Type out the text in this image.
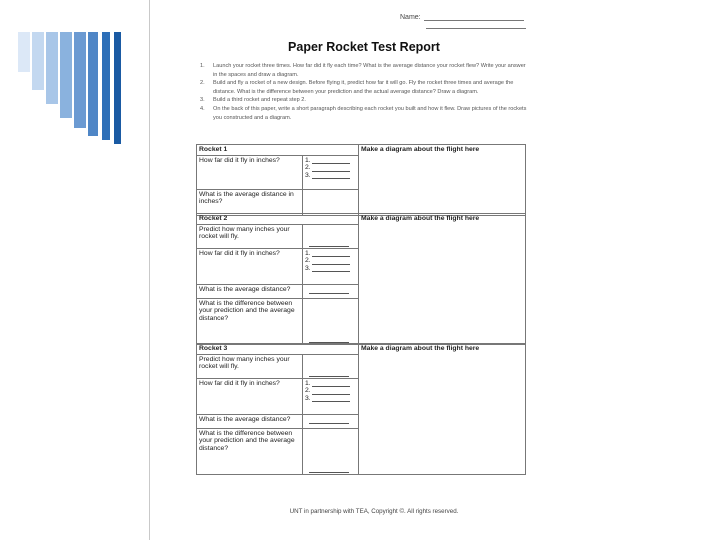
Name:
Paper Rocket Test Report
1. Launch your rocket three times. How far did it fly each time? What is the average distance your rocket flew? Write your answer in the spaces and draw a diagram.
2. Build and fly a rocket of a new design. Before flying it, predict how far it will go. Fly the rocket three times and average the distance. What is the difference between your prediction and the actual average distance? Draw a diagram.
3. Build a third rocket and repeat step 2.
4. On the back of this paper, write a short paragraph describing each rocket you built and how it flew. Draw pictures of the rockets you constructed and a diagram.
Rocket 1		Make a diagram about the flight here
How far did it fly in inches?	1.
2.
3.	

What is the average distance in inches?		
Rocket 2		Make a diagram about the flight here
Predict how many inches your rocket will fly.		

How far did it fly in inches?	1.
2.
3.	

What is the average distance?		

What is the difference between your prediction and the average distance?		
Rocket 3		Make a diagram about the flight here
Predict how many inches your rocket will fly.		

How far did it fly in inches?	1.
2.
3.	

What is the average distance?		

What is the difference between your prediction and the average distance?		
UNT in partnership with TEA, Copyright ©. All rights reserved.
